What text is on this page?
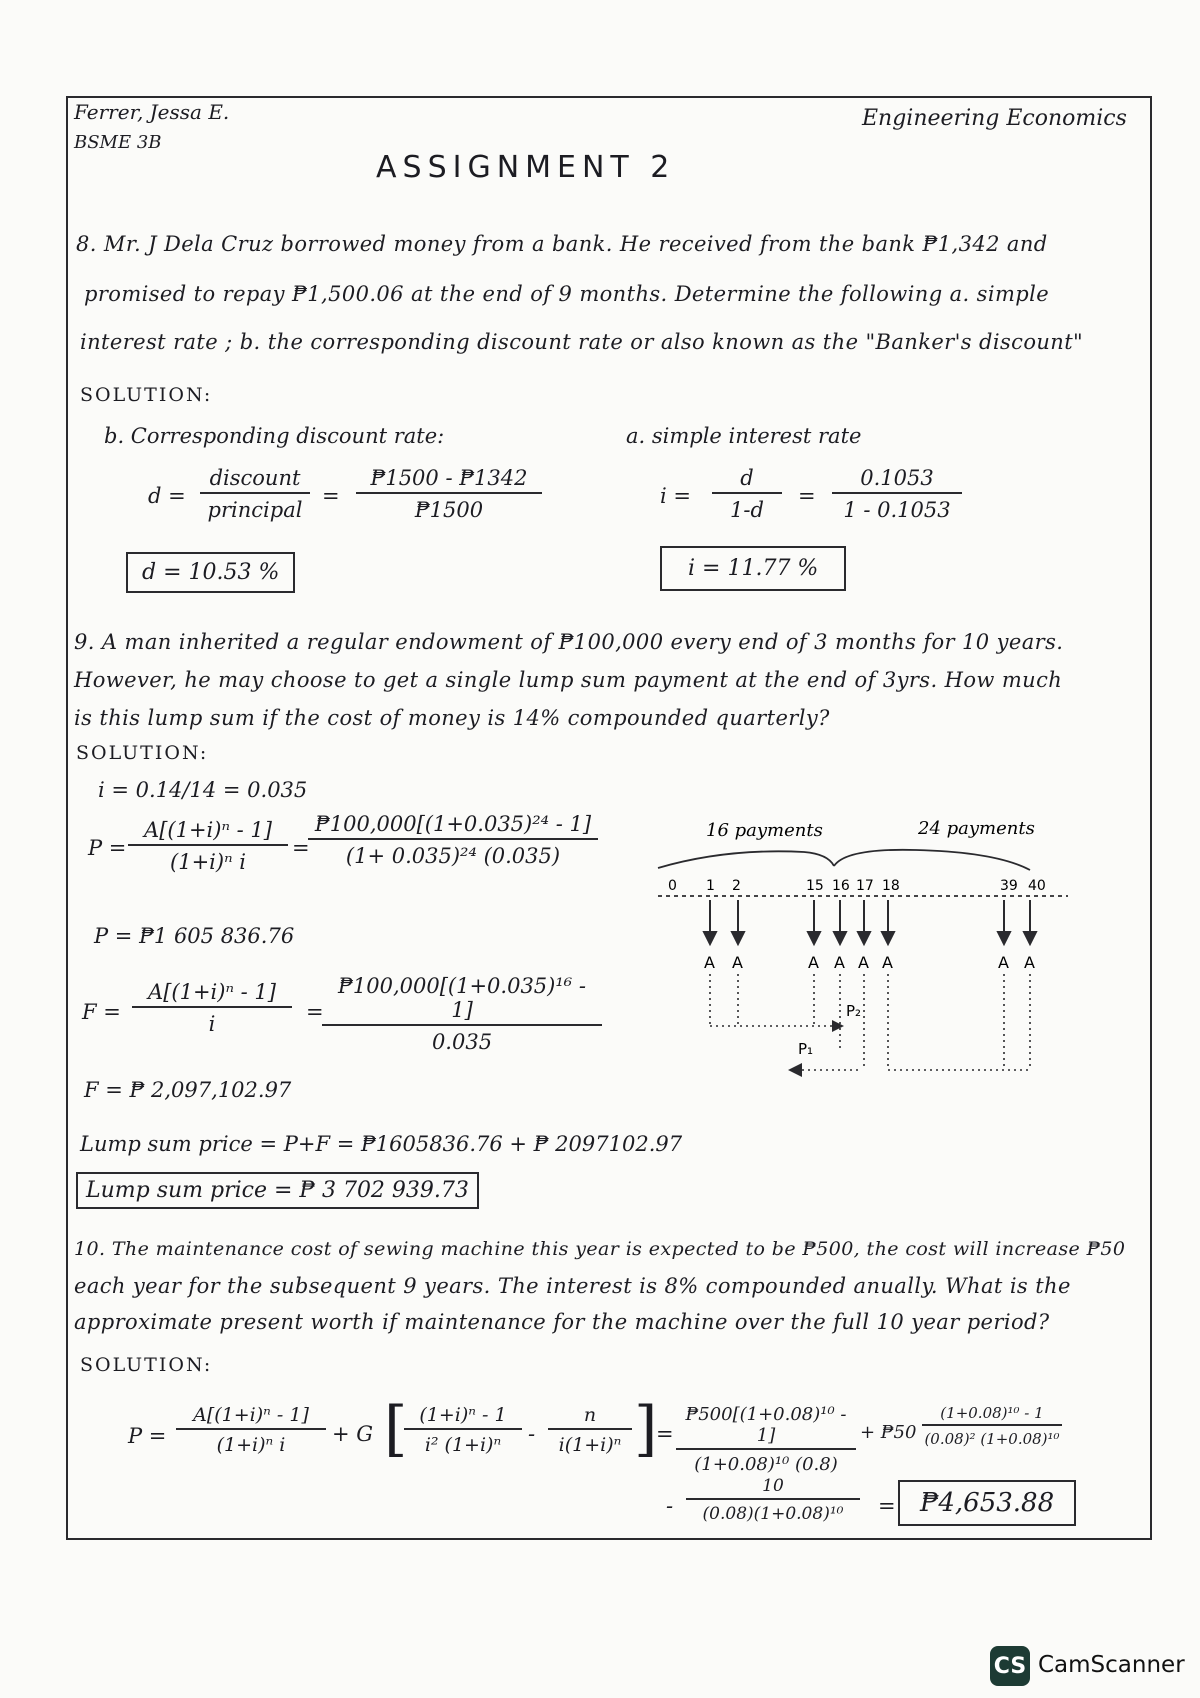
Ferrer, Jessa E.
BSME 3B
Engineering Economics
ASSIGNMENT 2
8. Mr. J Dela Cruz borrowed money from a bank. He received from the bank ₱1,342 and
promised to repay ₱1,500.06 at the end of 9 months. Determine the following a. simple
interest rate ; b. the corresponding discount rate or also known as the "Banker's discount"
SOLUTION:
b. Corresponding discount rate:
d =
discount
principal
= $\frac{₱1500 - ₱1342}{₱1500}$
d = 10.53 %
a. simple interest rate
$i = \frac{d}{1-d} = \frac{0.1053}{1 - 0.1053}$
i = 11.77 %
9. A man inherited a regular endowment of ₱100,000 every end of 3 months for 10 years.
However, he may choose to get a single lump sum payment at the end of 3yrs. How much
is this lump sum if the cost of money is 14% compounded quarterly?
SOLUTION:
i = 0.14/14 = 0.035
$P = \frac{\text{A[(1+i)ⁿ - 1]}}{\text{(1+i)ⁿ i}}$ =
$\frac{\text{₱100,000[(1+0.035)²⁴ - 1]}}{\text{(1+ 0.035)²⁴ (0.035)}}$
P = ₱1 605 836.76
$F = \frac{\text{A[(1+i)ⁿ - 1]}}{i}$ =
$\frac{\text{₱100,000[(1+0.035)¹⁶ - 1]}}{0.035}$
F = ₱ 2,097,102.97
Lump sum price = P+F = ₱1605836.76 + ₱ 2097102.97
Lump sum price = ₱ 3 702 939.73
16 payments	24 payments
0 1 2	15 16 17 18	39 40
A A	A A A A	A A
P₂
P₁
10. The maintenance cost of sewing machine this year is expected to be ₱500, the cost will increase ₱50
each year for the subsequent 9 years. The interest is 8% compounded anually. What is the
approximate present worth if maintenance for the machine over the full 10 year period?
SOLUTION:
$P = \frac{\text{A[(1+i)ⁿ - 1]}}{\text{(1+i)ⁿ i}} + G$ [
$\frac{\text{(1+i)ⁿ - 1}}{\text{i² (1+i)ⁿ}} - \frac{n}{\text{i(1+i)ⁿ}}$ ]
= $\frac{\text{₱500[(1+0.08)¹⁰ - 1]}}{\text{(1+0.08)¹⁰ (0.8)}}$ + ₱50 $\frac{\text{(1+0.08)¹⁰ - 1}}{\text{(0.08)² (1+0.08)¹⁰}}$
- $\frac{10}{\text{(0.08)(1+0.08)¹⁰}}$ = ₱4,653.88
CS CamScanner
